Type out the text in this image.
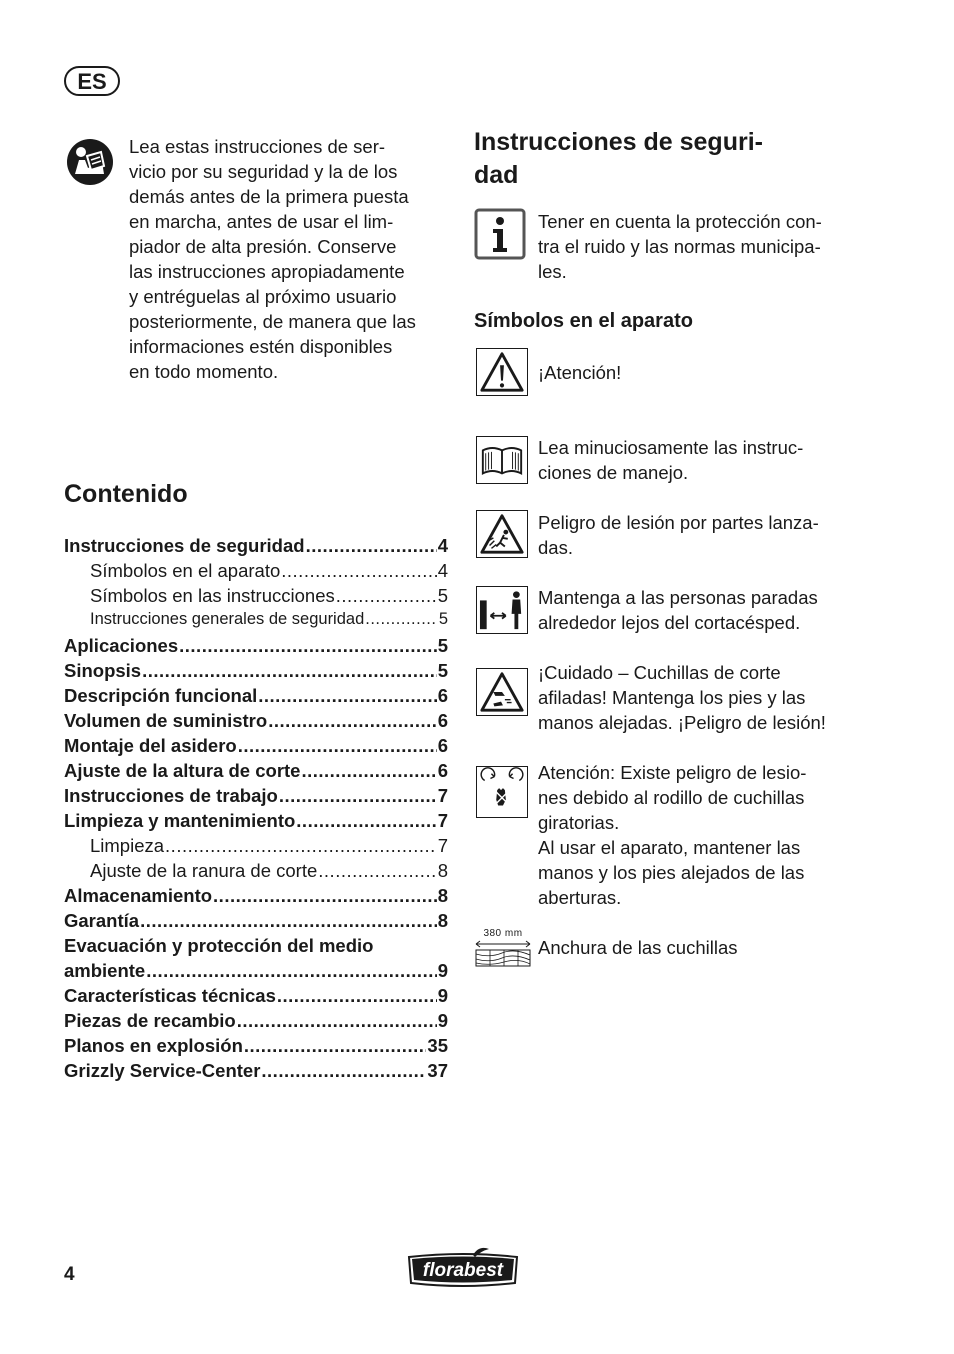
ES
Lea estas instrucciones de ser-
vicio por su seguridad y la de los
demás antes de la primera puesta
en marcha, antes de usar el lim-
piador de alta presión. Conserve
las instrucciones apropiadamente
y entréguelas al próximo usuario
posteriormente, de manera que las
informaciones estén disponibles
en todo momento.
Contenido
Instrucciones de seguridad .....	4
Símbolos en el aparato .....	4
Símbolos en las instrucciones .....	5
Instrucciones generales de seguridad .....	5
Aplicaciones .....	5
Sinopsis .....	5
Descripción funcional .....	6
Volumen de suministro .....	6
Montaje del asidero .....	6
Ajuste de la altura de corte .....	6
Instrucciones de trabajo .....	7
Limpieza y mantenimiento .....	7
Limpieza .....	7
Ajuste de la ranura de corte .....	8
Almacenamiento .....	8
Garantía .....	8
Evacuación y protección del medio
ambiente .....	9
Características técnicas .....	9
Piezas de recambio .....	9
Planos en explosión .....	35
Grizzly Service-Center .....	37
Instrucciones de seguri-
dad
Tener en cuenta la protección con-
tra el ruido y las normas municipa-
les.
Símbolos en el aparato
¡Atención!
Lea minuciosamente las instruc-
ciones de manejo.
Peligro de lesión por partes lanza-
das.
Mantenga a las personas paradas
alrededor lejos del cortacésped.
¡Cuidado – Cuchillas de corte
afiladas! Mantenga los pies y las
manos alejadas. ¡Peligro de lesión!
Atención: Existe peligro de lesio-
nes debido al rodillo de cuchillas
giratorias.
Al usar el aparato, mantener las
manos y los pies alejados de las
aberturas.
380 mm
Anchura de las cuchillas
4	florabest
